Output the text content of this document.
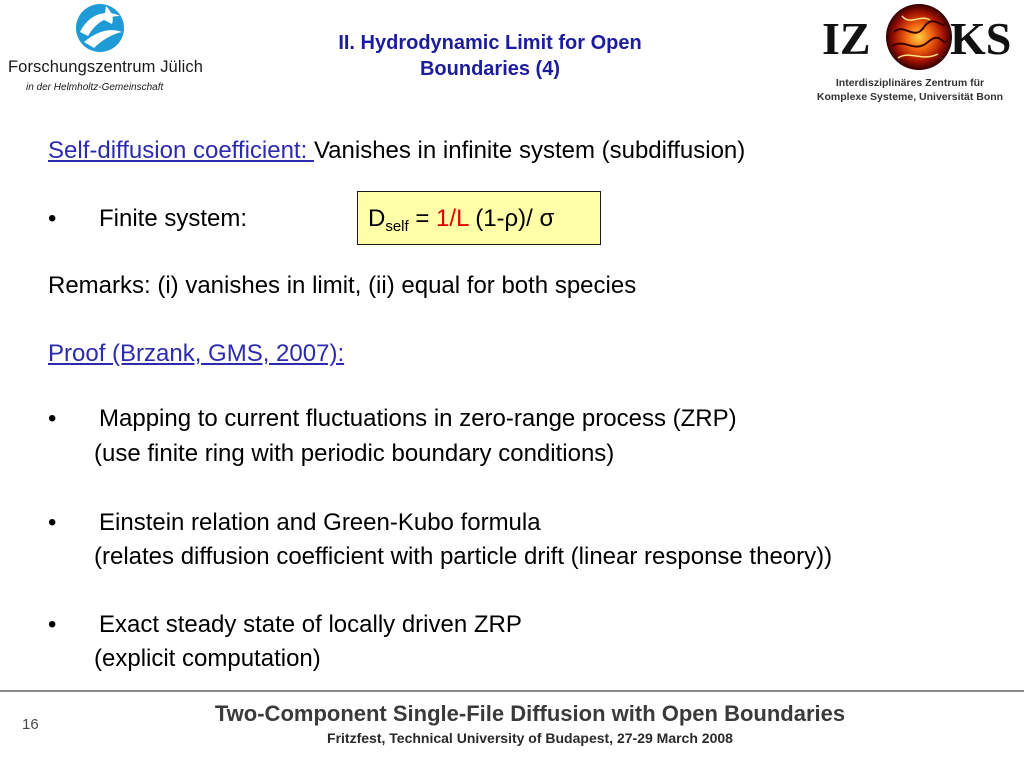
Forschungszentrum Jülich
in der Helmholtz-Gemeinschaft
II. Hydrodynamic Limit for Open
Boundaries (4)
IZ KS
Interdisziplinäres Zentrum für
Komplexe Systeme, Universität Bonn
Self-diffusion coefficient: Vanishes in infinite system (subdiffusion)
• Finite system:	$D_{self} = 1/L$ (1-ρ)/ σ
Remarks: (i) vanishes in limit, (ii) equal for both species
Proof (Brzank, GMS, 2007):
• Mapping to current fluctuations in zero-range process (ZRP)
(use finite ring with periodic boundary conditions)
• Einstein relation and Green-Kubo formula
(relates diffusion coefficient with particle drift (linear response theory))
• Exact steady state of locally driven ZRP
(explicit computation)
16	Two-Component Single-File Diffusion with Open Boundaries
Fritzfest, Technical University of Budapest, 27-29 March 2008
